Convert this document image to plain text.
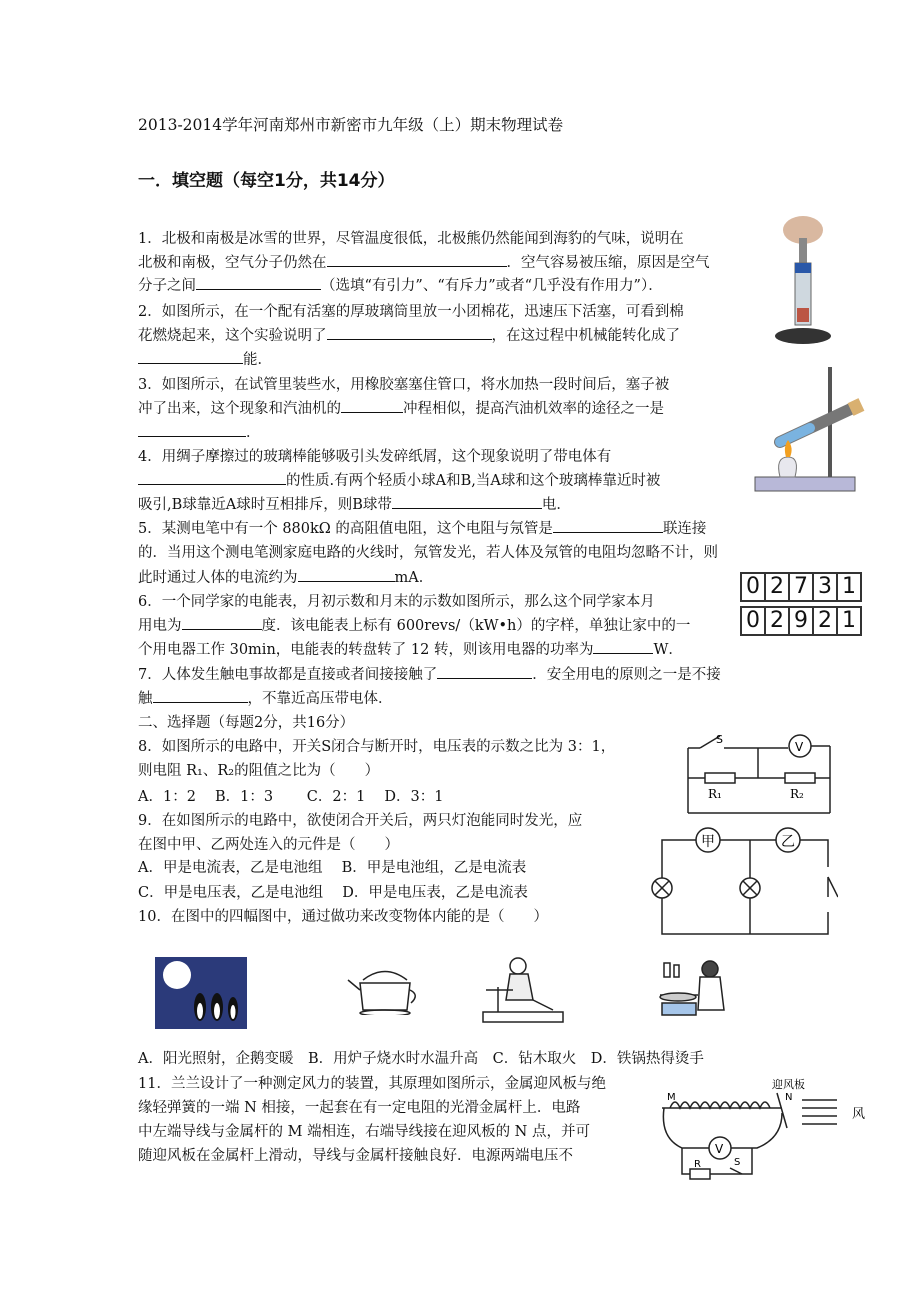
2013-2014学年河南郑州市新密市九年级（上）期末物理试卷
一．填空题（每空1分，共14分）
1．北极和南极是冰雪的世界，尽管温度很低，北极熊仍然能闻到海豹的气味，说明在
北极和南极，空气分子仍然在	．空气容易被压缩，原因是空气
分子之间	（选填“有引力”、“有斥力”或者“几乎没有作用力”）．
2．如图所示，在一个配有活塞的厚玻璃筒里放一小团棉花，迅速压下活塞，可看到棉
花燃烧起来，这个实验说明了	，在这过程中机械能转化成了
能．
3．如图所示，在试管里装些水，用橡胶塞塞住管口，将水加热一段时间后，塞子被
冲了出来，这个现象和汽油机的	冲程相似，提高汽油机效率的途径之一是
．
4．用绸子摩擦过的玻璃棒能够吸引头发碎纸屑，这个现象说明了带电体有
的性质.有两个轻质小球A和B,当A球和这个玻璃棒靠近时被
吸引,B球靠近A球时互相排斥，则B球带	电．
5．某测电笔中有一个 880kΩ 的高阻值电阻，这个电阻与氖管是	联连接
的．当用这个测电笔测家庭电路的火线时，氖管发光，若人体及氖管的电阻均忽略不计，则
此时通过人体的电流约为	mA．
6．一个同学家的电能表，月初示数和月末的示数如图所示，那么这个同学家本月
用电为	度．该电能表上标有 600revs/（kW•h）的字样，单独让家中的一
个用电器工作 30min，电能表的转盘转了 12 转，则该用电器的功率为	W．
7．人体发生触电事故都是直接或者间接接触了	．安全用电的原则之一是不接
触	，不靠近高压带电体．
二、选择题（每题2分，共16分）
8．如图所示的电路中，开关S闭合与断开时，电压表的示数之比为 3：1，
则电阻 R₁、R₂的阻值之比为（　　）
A．1：2　 B．1：3　　 C．2：1　 D．3：1
9．在如图所示的电路中，欲使闭合开关后，两只灯泡能同时发光，应
在图中甲、乙两处连入的元件是（　　）
A．甲是电流表，乙是电池组　 B．甲是电池组，乙是电流表
C．甲是电压表，乙是电池组　 D．甲是电压表，乙是电流表
10．在图中的四幅图中，通过做功来改变物体内能的是（　　）
A．阳光照射，企鹅变暖　B．用炉子烧水时水温升高　C．钻木取火　D．铁锅热得烫手
11．兰兰设计了一种测定风力的装置，其原理如图所示，金属迎风板与绝
缘轻弹簧的一端 N 相接，一起套在有一定电阻的光滑金属杆上．电路
中左端导线与金属杆的 M 端相连，右端导线接在迎风板的 N 点，并可
随迎风板在金属杆上滑动，导线与金属杆接触良好．电源两端电压不
0 2 7 3 1
0 2 9 2 1
S
V
R₁	R₂
甲	乙
迎风板
风
M	N
V
R	S
